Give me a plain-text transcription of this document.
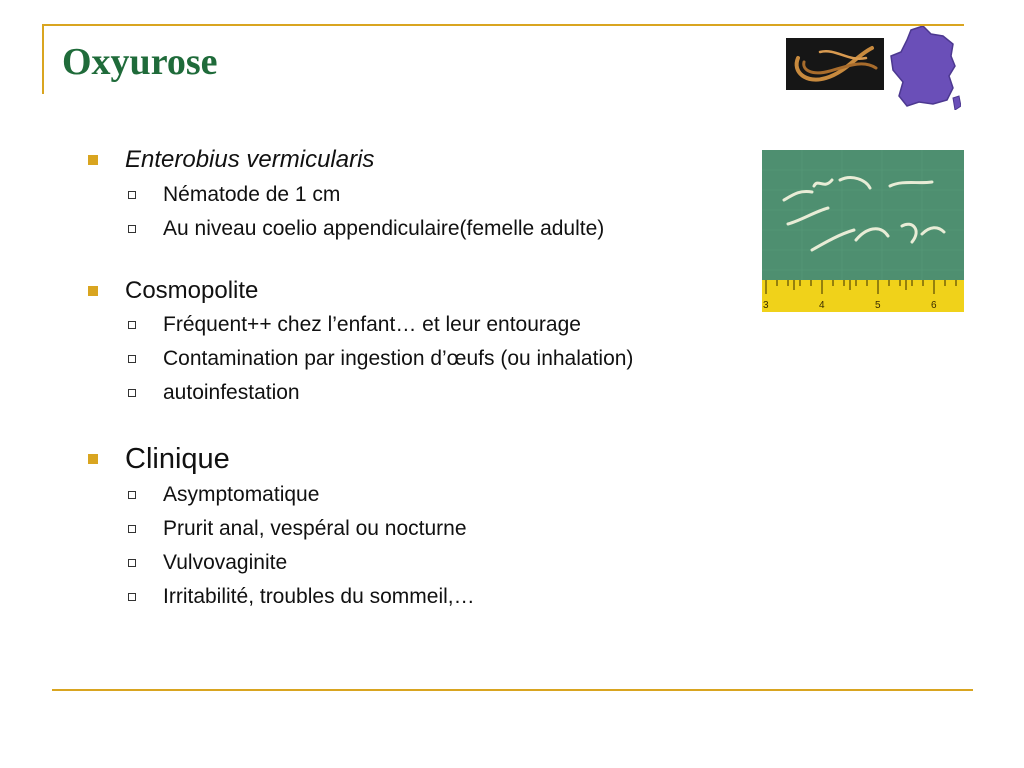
Oxyurose
3	4	5	6
Enterobius vermicularis
Nématode de 1 cm
Au niveau coelio appendiculaire(femelle adulte)
Cosmopolite
Fréquent++ chez l’enfant… et leur entourage
Contamination par ingestion d’œufs (ou inhalation)
autoinfestation
Clinique
Asymptomatique
Prurit anal, vespéral ou nocturne
Vulvovaginite
Irritabilité, troubles du sommeil,…
